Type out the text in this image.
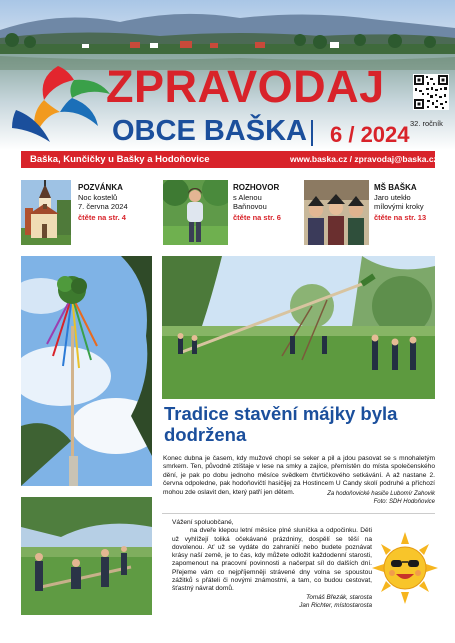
ZPRAVODAJ
OBCE BAŠKA 6 / 2024 32. ročník
Baška, Kunčičky u Bašky a Hodoňovice	www.baska.cz / zpravodaj@baska.cz
POZVÁNKA
Noc kostelů
7. června 2024
čtěte na str. 4
ROZHOVOR
s Alenou
Baňnovou
čtěte na str. 6
MŠ BAŠKA
Jaro utekło
mílovými kroky
čtěte na str. 13
Tradice stavění májky byla dodržena
Konec dubna je časem, kdy mužové chopí se seker a pil a jdou pasovat se s mnohaletým smrkem. Ten, původně ztíštaje v lese na smky a zajíce, přemístěn do místa společenského dění, je pak po dobu jednoho měsíce svědkem čtvrtičkového setkávání. A až nastane 2. června odpoledne, pak hodoňovičtí hasičijej za Hostincem U Candy skolí podruhé a příchozí mohou zde oslavit den, který patří jen dětem.	Za hodoňovické hasiče Lubomír Zahovik
Foto: SDH Hodoňovice
Vážení spoluobčané,
na dveře klepou letní měsíce plné sluníčka a odpočinku. Děti už vyhlížejí toliká očekávané prázdniny, dospělí se těší na dovolenou. Ať už se vydáte do zahraničí nebo budete poznávat krásy naší země, je to čas, kdy můžete odložit každodenní starosti, zapomenout na pracovní povinnosti a načerpat síl do dalších dní. Přejeme vám co nejpříjemněji strávené dny volna se spoustou zážitků s přáteli či novými známostmi, a tam, co budou cestovat, šťastný návrat domů.
Tomáš Březák, starosta
Jan Richter, místostarosta
